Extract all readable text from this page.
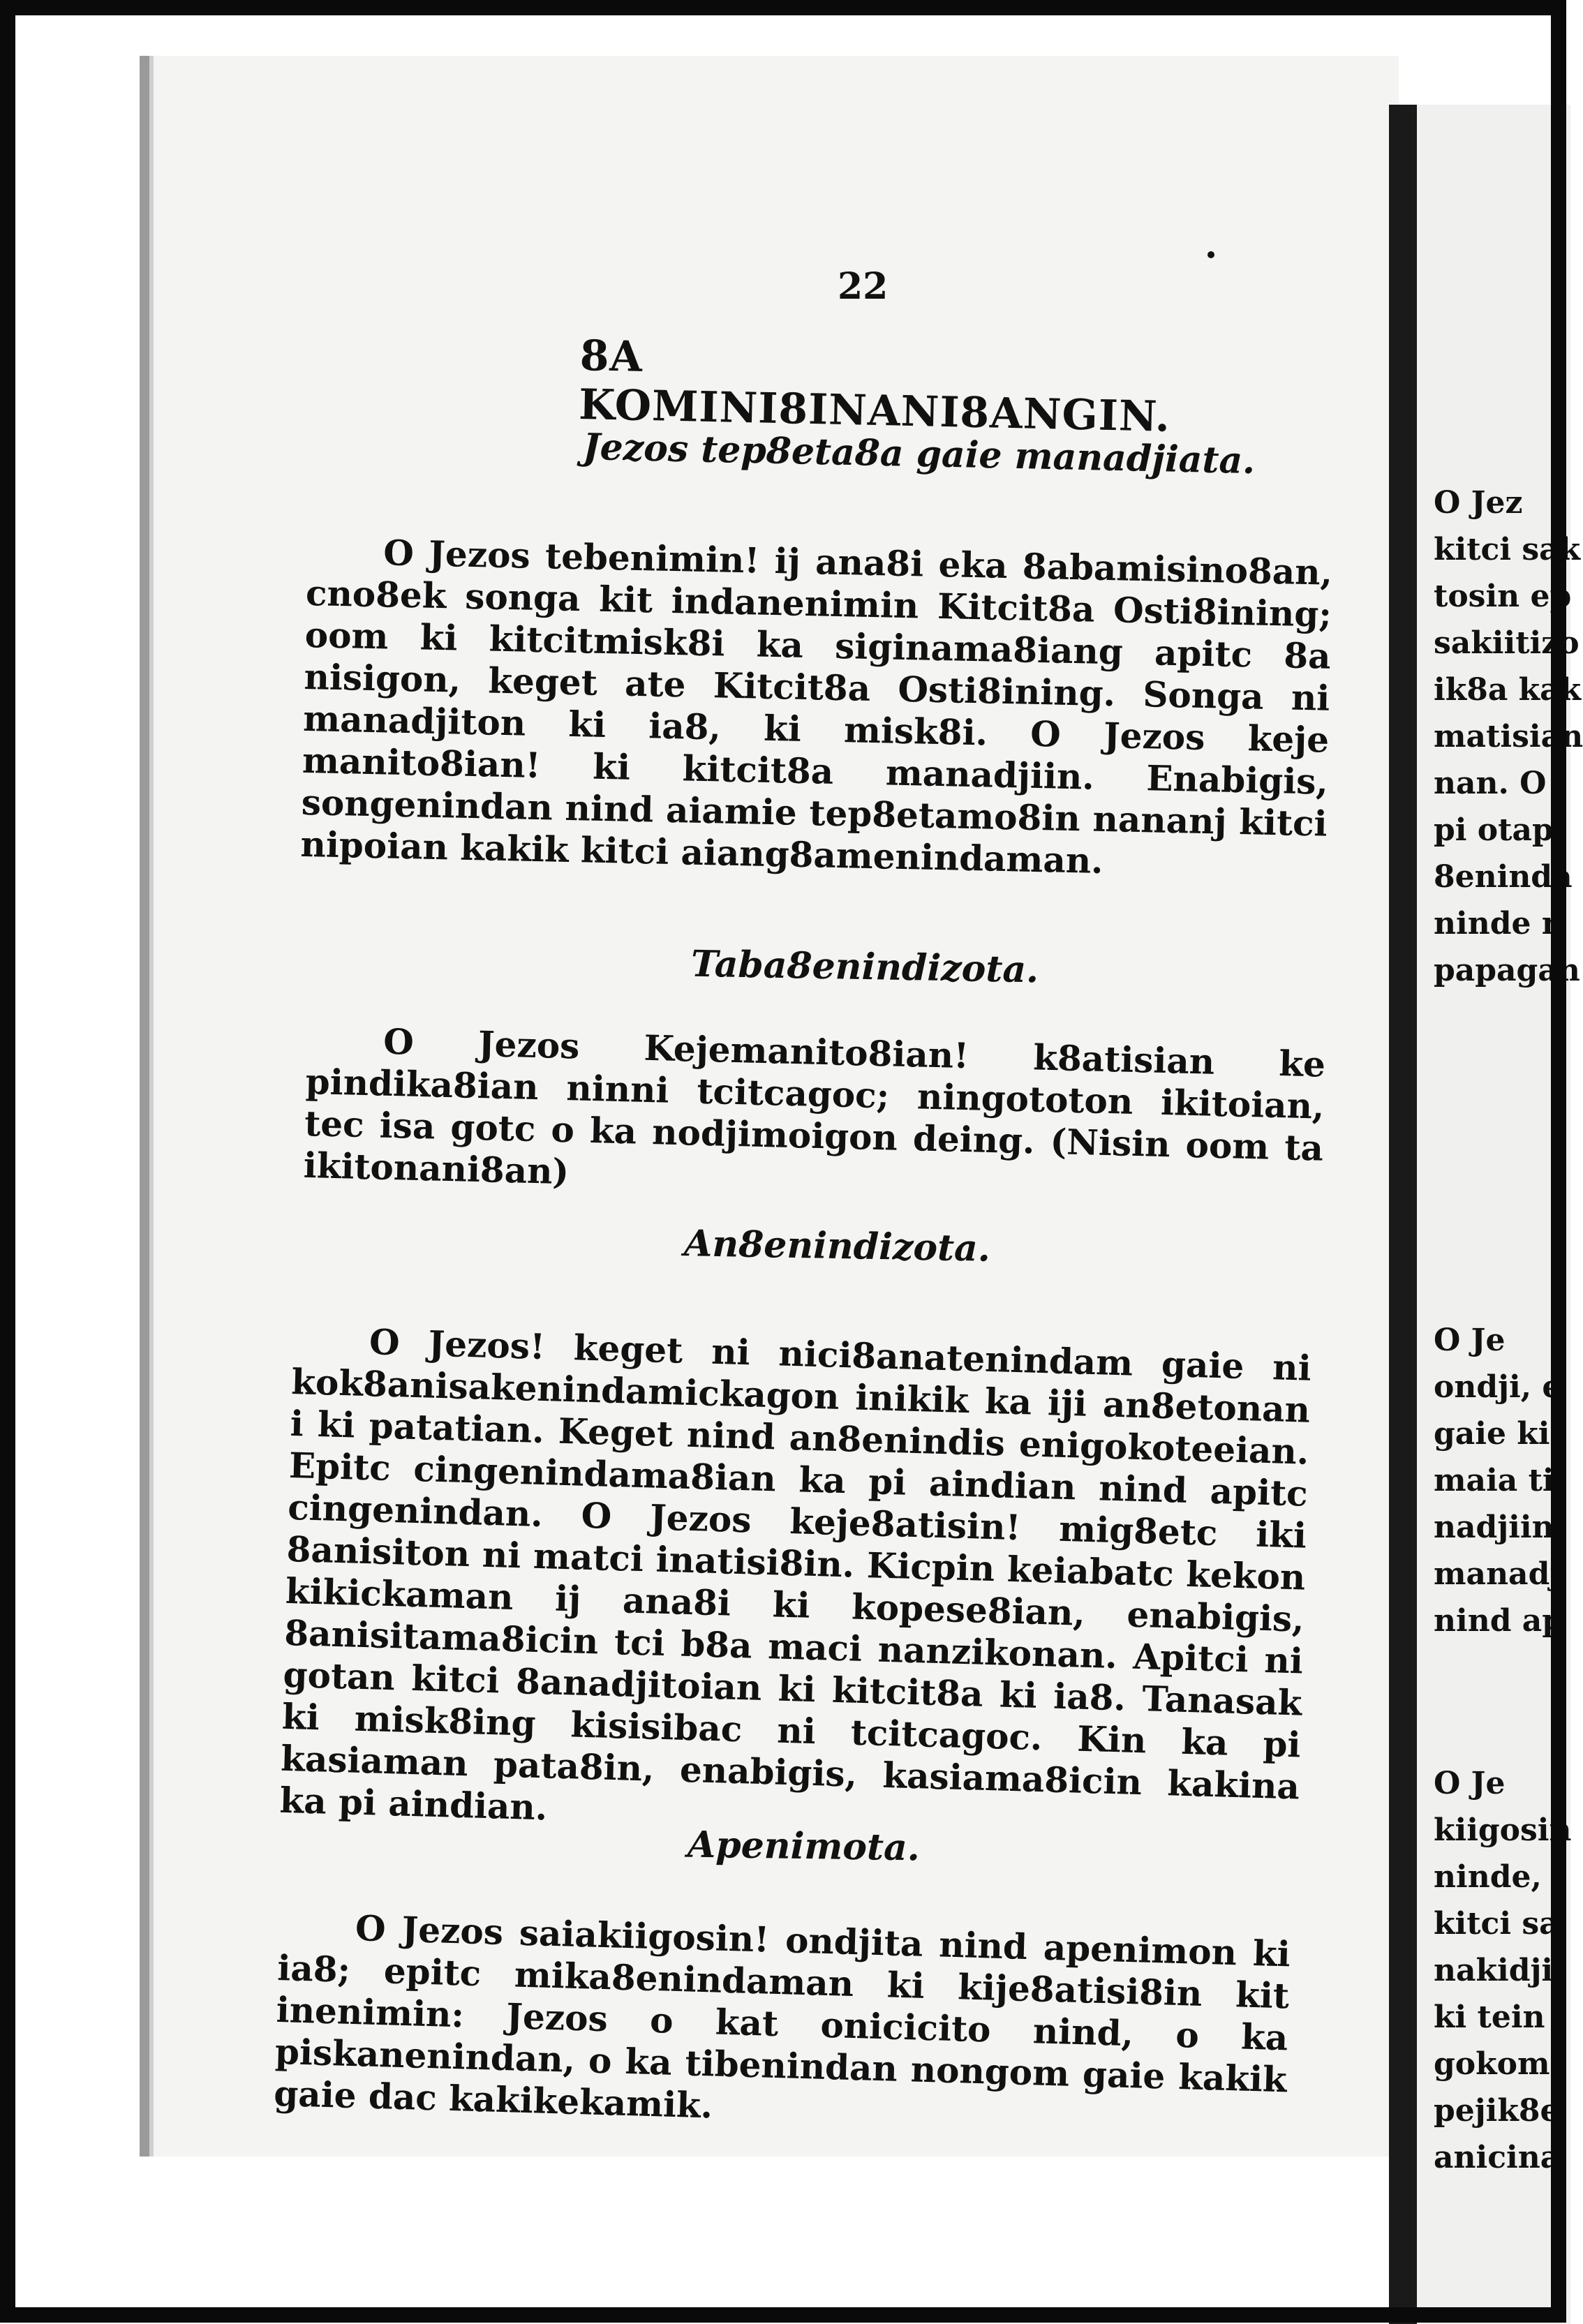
22
8A KOMINI8INANI8ANGIN.
Jezos tep8eta8a gaie manadjiata.

O Jezos tebenimin! ij ana8i eka 8abamisino8an, cno8ek songa kit indanenimin Kitcit8a Osti8ining; oom ki kitcitmisk8i ka siginama8iang apitc 8a nisigon, keget ate Kitcit8a Osti8ining. Songa ni manadjiton ki ia8, ki misk8i. O Jezos keje manito8ian! ki kitcit8a manadjiin. Enabigis, songenindan nind aiamie tep8etamo8in nananj kitci nipoian kakik kitci aiang8amenindaman.

Taba8enindizota.

O Jezos Kejemanito8ian! k8atisian ke pindika8ian ninni tcitcagoc; ningototon ikitoian, tec isa gotc o ka nodjimoigon deing. (Nisin oom ta ikitonani8an)

An8enindizota.

O Jezos! keget ni nici8anatenindam gaie ni kok8anisakenindamickagon inikik ka iji an8etonan i ki patatian. Keget nind an8enindis enigokoteeian. Epitc cingenindama8ian ka pi aindian nind apitc cingenindan. O Jezos keje8atisin! mig8etc iki 8anisiton ni matci inatisi8in. Kicpin keiabatc kekon kikickaman ij ana8i ki kopese8ian, enabigis, 8anisitama8icin tci b8a maci nanzikonan. Apitci ni gotan kitci 8anadjitoian ki kitcit8a ki ia8. Tanasak ki misk8ing kisisibac ni tcitcagoc. Kin ka pi kasiaman pata8in, enabigis, kasiama8icin kakina ka pi aindian.

Apenimota.

O Jezos saiakiigosin! ondjita nind apenimon ki ia8; epitc mika8enindaman ki kije8atisi8in kit inenimin: Jezos o kat onicicito nind, o ka piskanenindan, o ka tibenindan nongom gaie kakik gaie dac kakikekamik.

O Jez
kitci sak
tosin ep
sakiitizo
ik8a kak
matisian
nan. O
pi otapi
8eninda
ninde n
papagan
O Je
ondji, e
gaie ki
maia ti
nadjiin
manadj
nind ap
O Je
kiigosin
ninde,
kitci sa
nakidji
ki tein
gokomi
pejik8e
anicina
